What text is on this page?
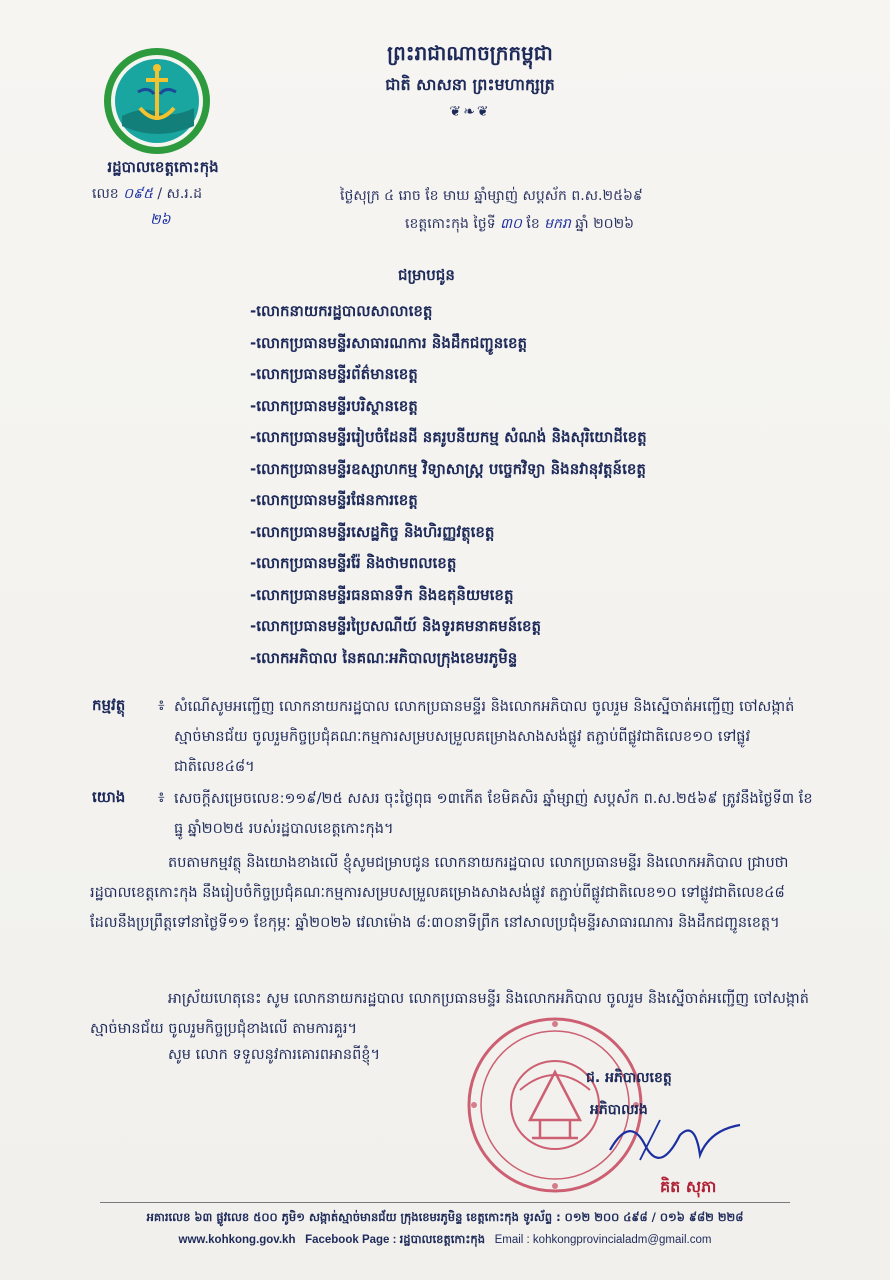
រដ្ឋបាលខេត្តកោះកុង
លេខ ០៩៥ / ស.រ.ដ
២៦
ព្រះរាជាណាចក្រកម្ពុជា
ជាតិ សាសនា ព្រះមហាក្សត្រ
❦❧❦
ថ្ងៃសុក្រ ៤ រោច ខែ មាឃ ឆ្នាំម្សាញ់ សប្តស័ក ព.ស.២៥៦៩
ខេត្តកោះកុង ថ្ងៃទី ៣០ ខែ មករា ឆ្នាំ ២០២៦
ជម្រាបជូន
-លោកនាយករដ្ឋបាលសាលាខេត្ត
-លោកប្រធានមន្ទីរសាធារណការ និងដឹកជញ្ជូនខេត្ត
-លោកប្រធានមន្ទីរព័ត៌មានខេត្ត
-លោកប្រធានមន្ទីរបរិស្ថានខេត្ត
-លោកប្រធានមន្ទីររៀបចំដែនដី នគរូបនីយកម្ម សំណង់ និងសុរិយោដីខេត្ត
-លោកប្រធានមន្ទីរឧស្សាហកម្ម វិទ្យាសាស្ត្រ បច្ចេកវិទ្យា និងនវានុវត្តន៍ខេត្ត
-លោកប្រធានមន្ទីរផែនការខេត្ត
-លោកប្រធានមន្ទីរសេដ្ឋកិច្ច និងហិរញ្ញវត្ថុខេត្ត
-លោកប្រធានមន្ទីររ៉ែ និងថាមពលខេត្ត
-លោកប្រធានមន្ទីរធនធានទឹក និងឧតុនិយមខេត្ត
-លោកប្រធានមន្ទីរប្រៃសណីយ៍ និងទូរគមនាគមន៍ខេត្ត
-លោកអភិបាល នៃគណៈអភិបាលក្រុងខេមរភូមិន្ទ
កម្មវត្ថុ ៖ សំណើសូមអញ្ជើញ លោកនាយករដ្ឋបាល លោកប្រធានមន្ទីរ និងលោកអភិបាល ចូលរួម និងស្នើចាត់អញ្ជើញ ចៅសង្កាត់ស្មាច់មានជ័យ ចូលរួមកិច្ចប្រជុំគណៈកម្មការសម្របសម្រួលគម្រោងសាងសង់ផ្លូវ តភ្ជាប់ពីផ្លូវជាតិលេខ១០ ទៅផ្លូវជាតិលេខ៤៨។
យោង ៖ សេចក្តីសម្រេចលេខ:១១៩/២៥ សសរ ចុះថ្ងៃពុធ ១៣កើត ខែមិគសិរ ឆ្នាំម្សាញ់ សប្តស័ក ព.ស.២៥៦៩ ត្រូវនឹងថ្ងៃទី៣ ខែធ្នូ ឆ្នាំ២០២៥ របស់រដ្ឋបាលខេត្តកោះកុង។
តបតាមកម្មវត្ថុ និងយោងខាងលើ ខ្ញុំសូមជម្រាបជូន លោកនាយករដ្ឋបាល លោកប្រធានមន្ទីរ និងលោកអភិបាល ជ្រាបថា រដ្ឋបាលខេត្តកោះកុង នឹងរៀបចំកិច្ចប្រជុំគណៈកម្មការសម្របសម្រួលគម្រោងសាងសង់ផ្លូវ តភ្ជាប់ពីផ្លូវជាតិលេខ១០ ទៅផ្លូវជាតិលេខ៤៨ ដែលនឹងប្រព្រឹត្តទៅនាថ្ងៃទី១១ ខែកុម្ភៈ ឆ្នាំ២០២៦ វេលាម៉ោង ៨:៣០នាទីព្រឹក នៅសាលប្រជុំមន្ទីរសាធារណការ និងដឹកជញ្ជូនខេត្ត។
អាស្រ័យហេតុនេះ សូម លោកនាយករដ្ឋបាល លោកប្រធានមន្ទីរ និងលោកអភិបាល ចូលរួម និងស្នើចាត់អញ្ជើញ ចៅសង្កាត់ស្មាច់មានជ័យ ចូលរួមកិច្ចប្រជុំខាងលើ តាមការគួរ។
សូម លោក ទទួលនូវការគោរពអានពីខ្ញុំ។
ជ. អភិបាលខេត្ត
អភិបាលរង
គិត សុភា
អគារលេខ ៦៣ ផ្លូវលេខ ៥០០ ភូមិ១ សង្កាត់ស្មាច់មានជ័យ ក្រុងខេមរភូមិន្ទ ខេត្តកោះកុង ទូរស័ព្ទ : ០១២ ២០០ ៤៩៨ / ០១៦ ៩៨២ ២២៨
www.kohkong.gov.kh Facebook Page : រដ្ឋបាលខេត្តកោះកុង Email : kohkongprovincialadm@gmail.com
